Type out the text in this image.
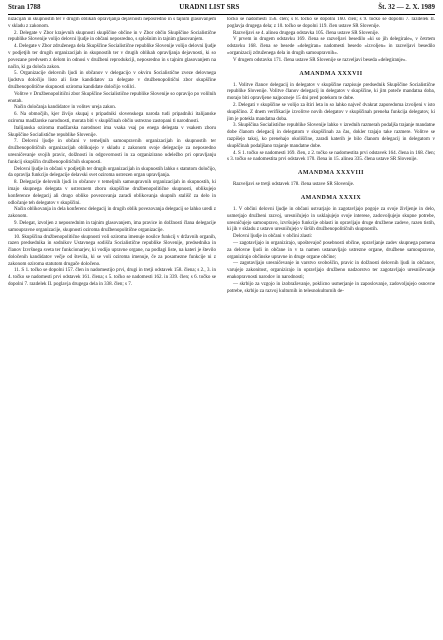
Stran 1788	URADNI LIST SRS	Št. 32 — 2. X. 1989

nizacijah in skupnostih ter v drugih oblikah opravljanja dejavnosti neposredno in s tajnim glasovanjem v skladu z zakonom.

2. Delegate v Zbor krajevnih skupnosti skupščine občine in v Zbor občin Skupščine Socialistične republike Slovenije volijo delovni ljudje in občani neposredno, s splošnim in tajnim glasovanjem.

4. Delegate v Zbor združenega dela Skupščine Socialistične republike Slovenije volijo delovni ljudje v podjetjih ter drugih organizacijah in skupnostih ter v drugih oblikah opravljanja dejavnosti, ki so povezane predvsem z delom in odnosi v družbeni reprodukciji, neposredno in s tajnim glasovanjem na način, ki ga določa zakon.

5. Organizacije delovnih ljudi in občanov v delegacijo v okviru Socialistične zveze delovnega ljudstva določijo listo ali liste kandidatov za delegate v družbenopolitični zbor skupščine družbenopolitične skupnosti oziroma kandidate določijo volilci.

Volitve v Družbenopolitični zbor Skupščine Socialistične republike Slovenije so opravijo po volilnih enotah.

Način določanja kandidatov in volitev ureja zakon.

6. Na območjih, kjer živijo skupaj s pripadniki slovenskega naroda tudi pripadniki italijanske oziroma madžarske narodnosti, morata biti v skupščinah občin ustrezno zastopani ti narodnosti.

Italijanska oziroma madžarska narodnost ima vsaka vsaj po enega delegata v vsakem zboru Skupščine Socialistične republike Slovenije.

7. Delovni ljudje in občani v temeljnih samoupravnih organizacijah in skupnostih ter družbenopolitičnih organizacijah oblikujejo v skladu z zakonom svoje delegacije za neposredno uresničevanje svojih pravic, dolžnosti in odgovornosti in za organizirano udeležbo pri opravljanju funkcij skupščin družbenopolitičnih skupnosti.

Delovni ljudje in občani v podjetjih ter drugih organizacijah in skupnostih lahko s statutom določijo, da opravlja funkcijo delegacije delavski svet oziroma ustrezen organ upravljanja.

8. Delegacije delovnih ljudi in občanov v temeljnih samoupravnih organizacijah in skupnostih, ki imajo skupnega delegata v ustreznem zboru skupščine družbenopolitične skupnosti, oblikujejo konference delegacij ali drugo obliko povezovanja zaradi oblikovanja skupnih stališč za delo in odločanje teh delegatov v skupščini.

Način oblikovanja in dela konferenc delegacij in drugih oblik povezovanja delegacij se lahko uredi z zakonom.

9. Delegat, izvoljen z neposrednim in tajnim glasovanjem, ima pravice in dolžnosti člana delegacije samoupravne organizacije, skupnosti oziroma družbenopolitične organizacije.

10. Skupščina družbenopolitične skupnosti voli oziroma imenuje nosilce funkcij v državnih organih, razen predsednika in sodnikov Ustavnega sodišča Socialistične republike Slovenije, predsednika in članov Izvršnega sveta ter funkcionarjev, ki vodijo upravne organe, na podlagi liste, na kateri je število določenih kandidatov večje od števila, ki se voli oziroma imenuje, če za posamezne funkcije ni z zakonom oziroma statutom drugače določeno.

11. S 1. točko se dopolni 157. člen in nadomestijo prvi, drugi in tretji odstavek 158. člena; s 2., 3. in 4. točko se nadomesti prvi odstavek 161. člena; s 5. točko se nadomesti 162. in 339. člen; s 6. točko se dopolni 7. razdelek II. poglavja drugega dela in 338. člen; s 7.

točko se nadomesti 156. člen; s 8. točko se dopolni 160. člen; s 9. točko se dopolni 7. razdelek II. poglavja drugega dela; z 10. točko se dopolni 119. člen ustave SR Slovenije.

Razveljavi se 4. alinea drugega odstavka 105. člena ustave SR Slovenije.

V prvem in drugem odstavku 169. člena se razveljavi besedilo »ki so jih delegirale«, v četrtem odstavku 168. člena se besede »delegiran« nadomesti besedo »izvoljen« in razveljavi besedilo »organizacij združenega dela in drugih samoupravnih«.

V drugem odstavku 171. člena ustave SR Slovenije se razveljavi beseda »delegiranje«.

AMANDMA XXXVII

1. Volitve članov delegacij in delegatov v skupščine razpisuje predsednik Skupščine Socialistične republike Slovenije. Volitve članov delegacij in delegatov v skupščine, ki jim poteče mandatna doba, morajo biti opravljene najpozneje 15 dni pred potekom te dobe.

2. Delegati v skupščine se volijo za štiri leta in so lahko največ dvakrat zaporedoma izvoljeni v isto skupščino. Z dnem verifikacije izvolitve novih delegatov v skupščinah preneha funkcija delegatov, ki jim je potekla mandatna doba.

3. Skupščina Socialistične republike Slovenije lahko v izrednih razmerah podaljša trajanje mandatne dobe članom delegacij in delegatom v skupščinah za čas, dokler trajajo take razmere. Volitve se razpišejo takoj, ko prenehajo okoliščine, zaradi katerih je bilo članom delegacij in delegatom v skupščinah podaljšano trajanje mandatne dobe.

4. S 1. točko se nadomesti 169. člen, z 2. točko se nadomestita prvi odstavek 164. člena in 168. člen; s 3. točko se nadomestita prvi odstavek 170. člena in 15. alinea 335. člena ustave SR Slovenije.

AMANDMA XXXVIII

Razveljavi se tretji odstavek 178. člena ustave SR Slovenije.

AMANDMA XXXIX

1. V občini delovni ljudje in občani ustvarjajo in zagotavljajo pogoje za svoje življenje in delo, usmerjajo družbeni razvoj, uresničujejo in usklajujejo svoje interese, zadovoljujejo skupne potrebe, uresničujejo samoupravo, izvršujejo funkcije oblasti in opravljajo druge družbene zadeve, razen tistih, ki jih v skladu z ustavo uresničujejo v širših družbenopolitičnih skupnostih.

Delovni ljudje in občani v občini zlasti:

— zagotavljajo in organizirajo, upoštevajoč posebnosti občine, opravljanje zadev skupnega pomena za delovne ljudi in občane in v ta namen ustanavljajo ustrezne organe, družbene samoupravne, organizirajo občinske upravne in druge organe občine;

— zagotavljajo uresničevanje in varstvo svoboščin, pravic in dolžnosti delovnih ljudi in občanov, varujejo zakonitost, organizirajo in opravljajo družbeno nadzorstvo ter zagotavljajo uresničevanje enakopravnosti narodov in narodnosti;

— skrbijo za vzgojo in izobraževanje, poklicno usmerjanje in zaposlovanje, zadovoljujejo osnovne potrebe, skrbijo za razvoj kulturnih in telesnokulturnih de-
